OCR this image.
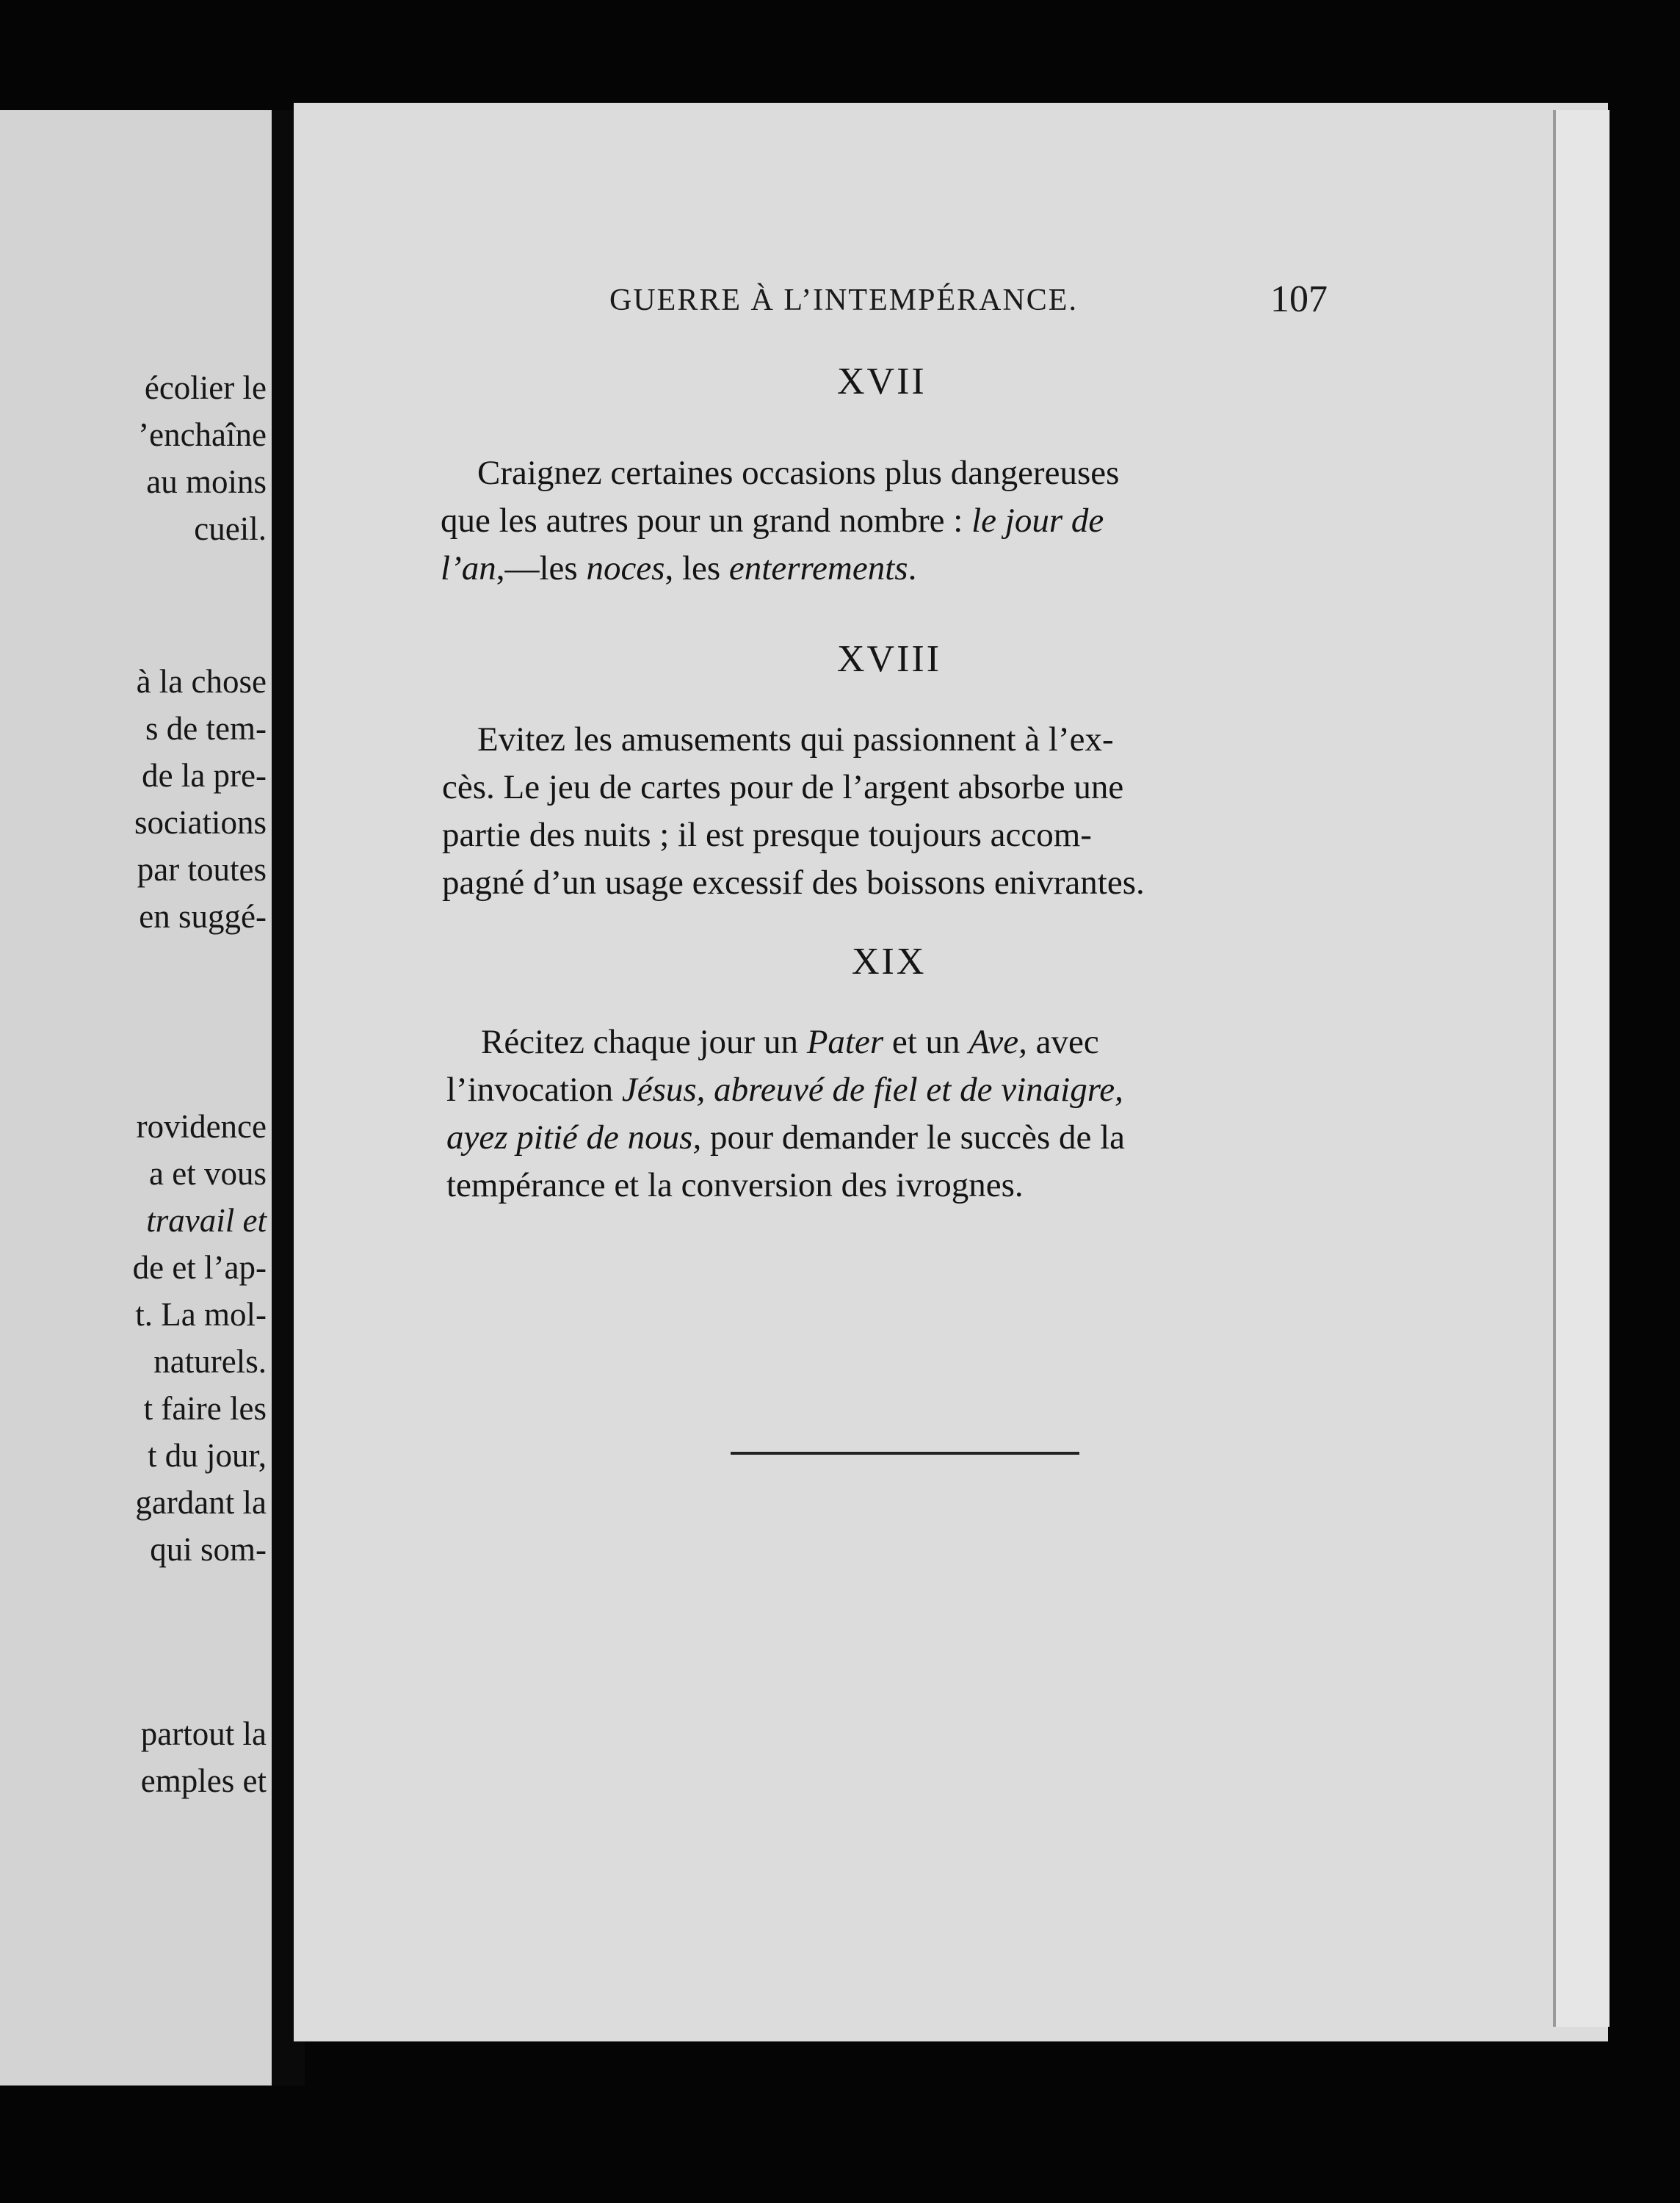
écolier le
’enchaîne
au moins
cueil.
à la chose
s de tem-
de la pre-
sociations
par toutes
en suggé-
rovidence
a et vous
travail et
de et l’ap-
t. La mol-
naturels.
t faire les
t du jour,
gardant la
qui som-
partout la
emples et
GUERRE À L’INTEMPÉRANCE.	107
XVII
Craignez certaines occasions plus dangereuses
que les autres pour un grand nombre : le jour de
l’an,—les noces, les enterrements.
XVIII
Evitez les amusements qui passionnent à l’ex-
cès. Le jeu de cartes pour de l’argent absorbe une
partie des nuits ; il est presque toujours accom-
pagné d’un usage excessif des boissons enivrantes.
XIX
Récitez chaque jour un Pater et un Ave, avec
l’invocation Jésus, abreuvé de fiel et de vinaigre,
ayez pitié de nous, pour demander le succès de la
tempérance et la conversion des ivrognes.
